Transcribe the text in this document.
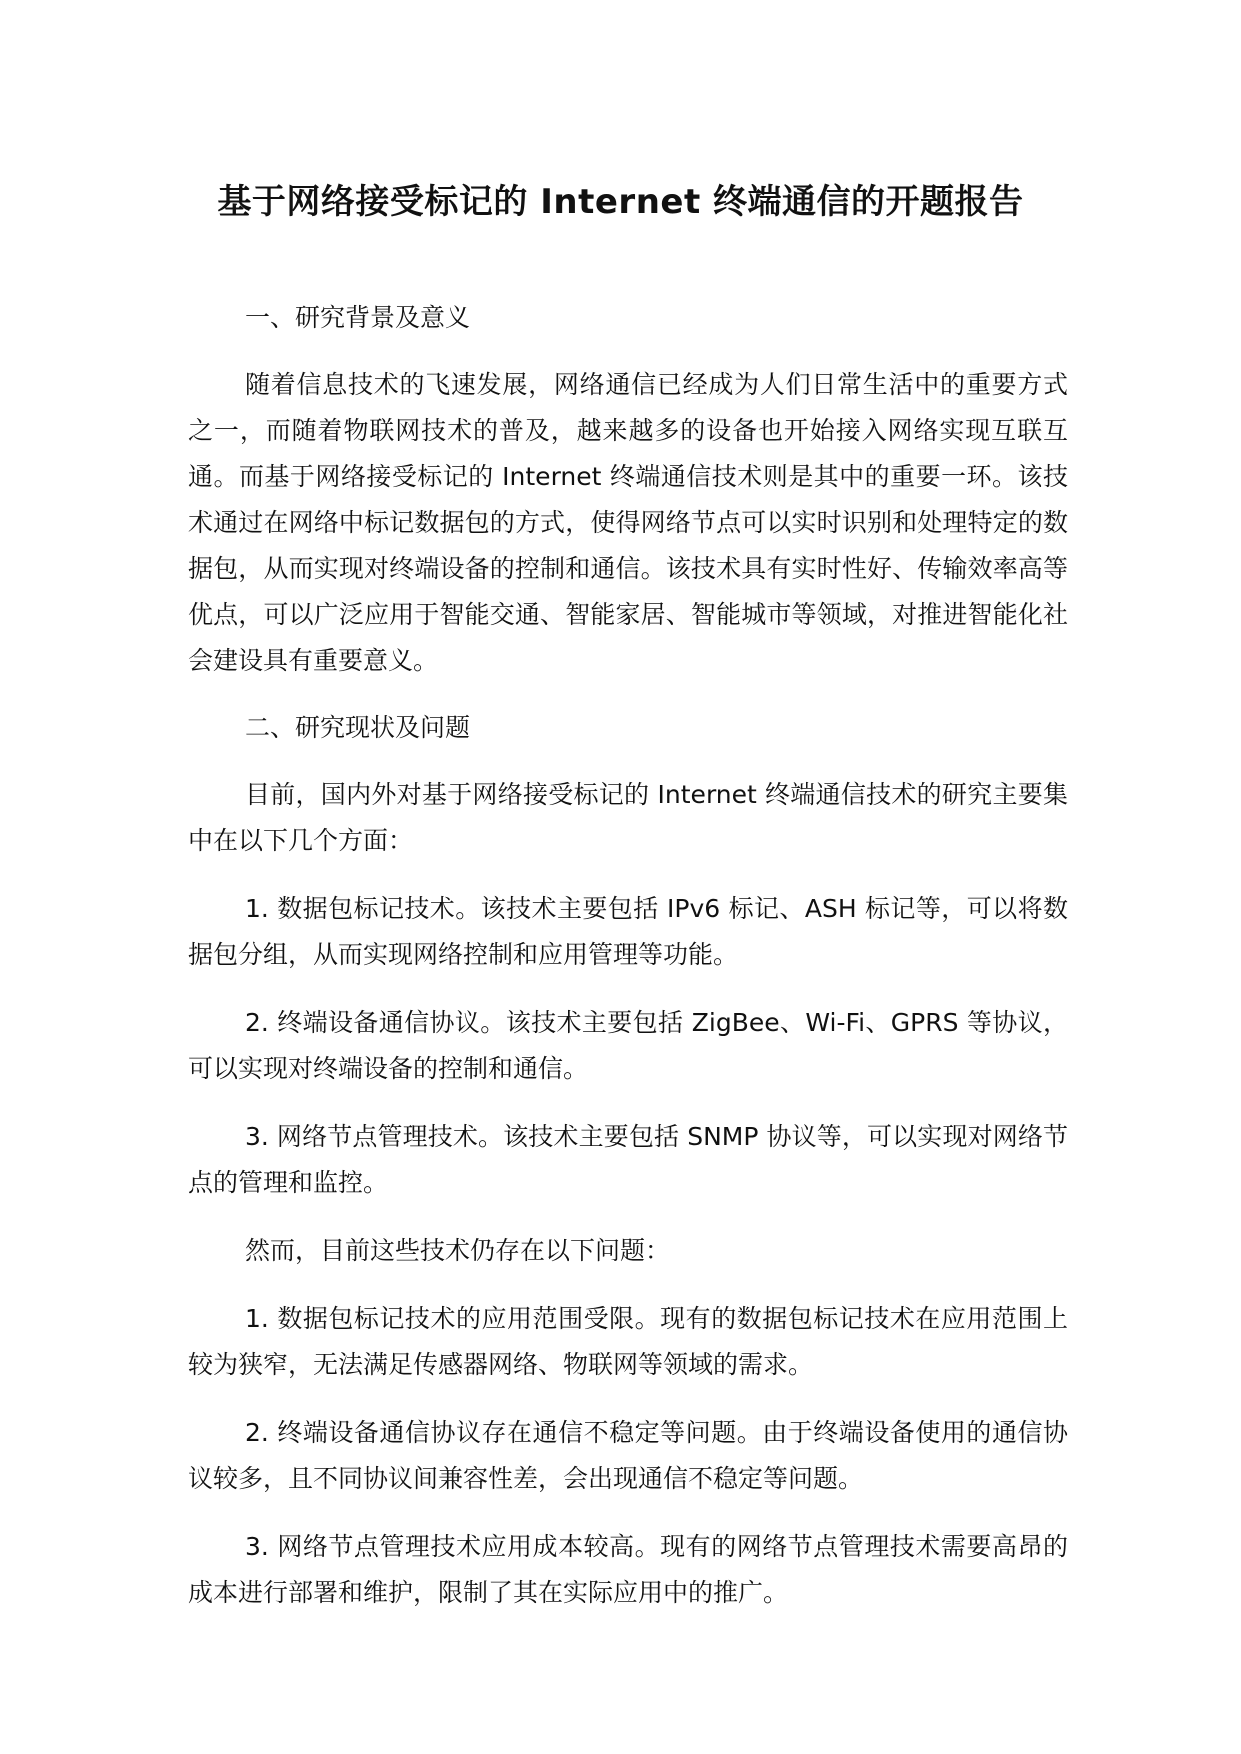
基于网络接受标记的 Internet 终端通信的开题报告

一、研究背景及意义

随着信息技术的飞速发展，网络通信已经成为人们日常生活中的重要方式之一，而随着物联网技术的普及，越来越多的设备也开始接入网络实现互联互通。而基于网络接受标记的 Internet 终端通信技术则是其中的重要一环。该技术通过在网络中标记数据包的方式，使得网络节点可以实时识别和处理特定的数据包，从而实现对终端设备的控制和通信。该技术具有实时性好、传输效率高等优点，可以广泛应用于智能交通、智能家居、智能城市等领域，对推进智能化社会建设具有重要意义。

二、研究现状及问题

目前，国内外对基于网络接受标记的 Internet 终端通信技术的研究主要集中在以下几个方面：

1. 数据包标记技术。该技术主要包括 IPv6 标记、ASH 标记等，可以将数据包分组，从而实现网络控制和应用管理等功能。

2. 终端设备通信协议。该技术主要包括 ZigBee、Wi-Fi、GPRS 等协议，可以实现对终端设备的控制和通信。

3. 网络节点管理技术。该技术主要包括 SNMP 协议等，可以实现对网络节点的管理和监控。

然而，目前这些技术仍存在以下问题：

1. 数据包标记技术的应用范围受限。现有的数据包标记技术在应用范围上较为狭窄，无法满足传感器网络、物联网等领域的需求。

2. 终端设备通信协议存在通信不稳定等问题。由于终端设备使用的通信协议较多，且不同协议间兼容性差，会出现通信不稳定等问题。

3. 网络节点管理技术应用成本较高。现有的网络节点管理技术需要高昂的成本进行部署和维护，限制了其在实际应用中的推广。
